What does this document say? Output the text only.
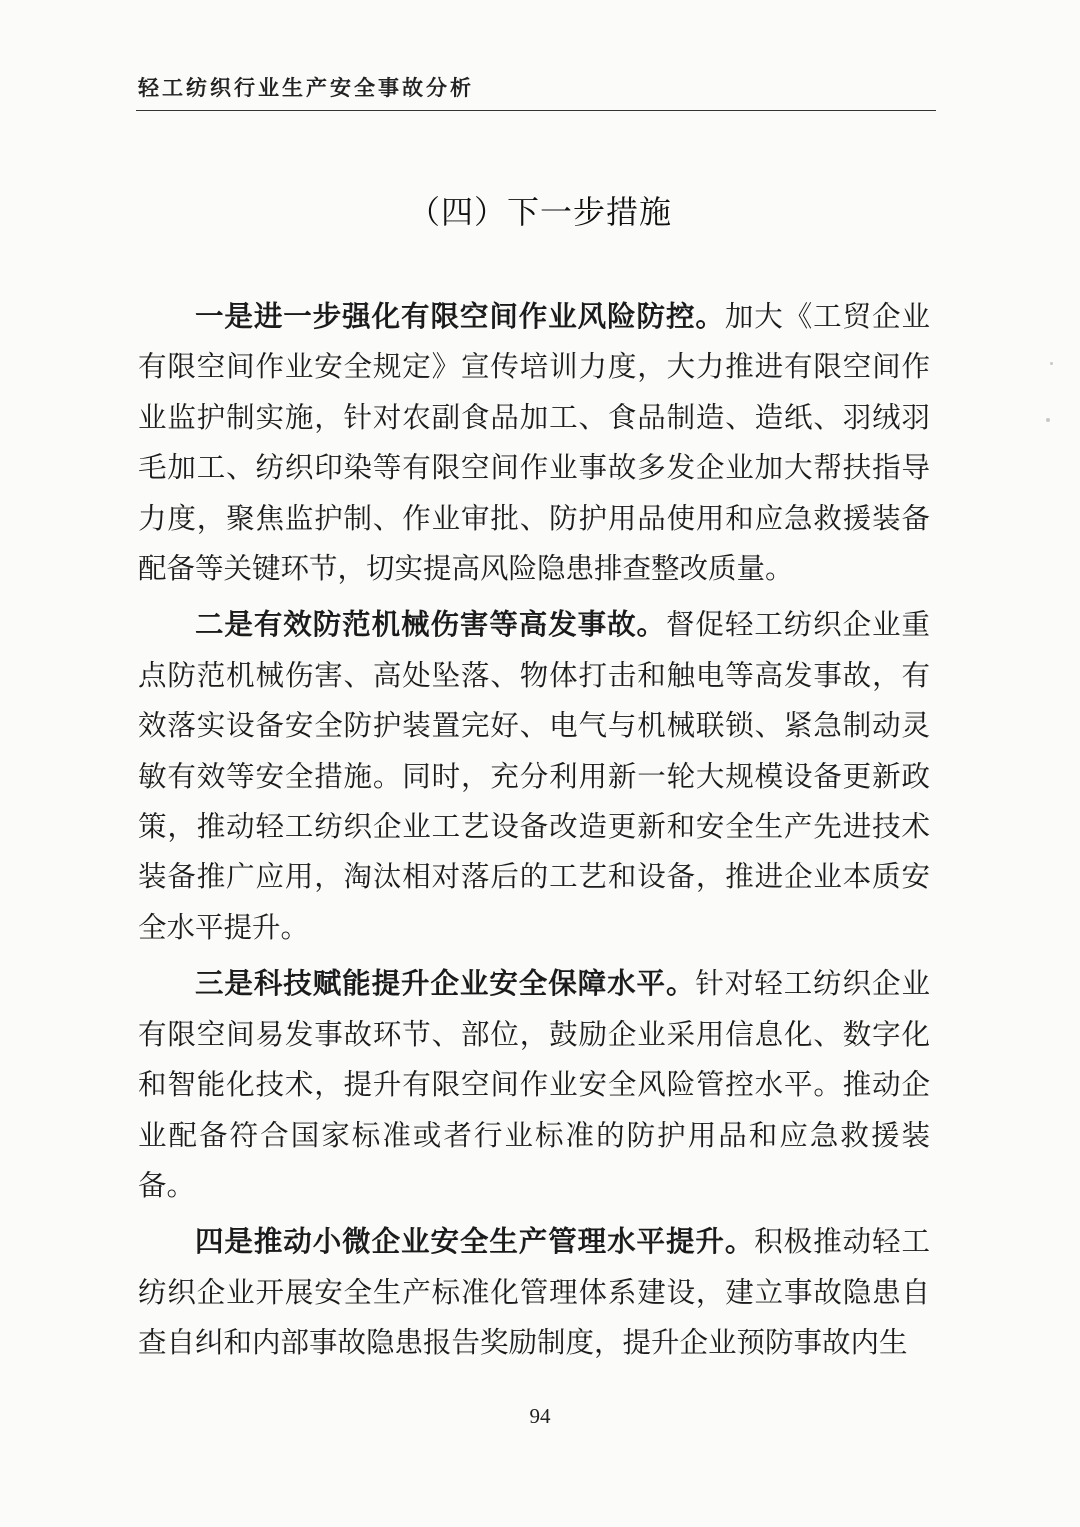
轻工纺织行业生产安全事故分析
（四）下一步措施

一是进一步强化有限空间作业风险防控。加大《工贸企业有限空间作业安全规定》宣传培训力度，大力推进有限空间作业监护制实施，针对农副食品加工、食品制造、造纸、羽绒羽毛加工、纺织印染等有限空间作业事故多发企业加大帮扶指导力度，聚焦监护制、作业审批、防护用品使用和应急救援装备配备等关键环节，切实提高风险隐患排查整改质量。

二是有效防范机械伤害等高发事故。督促轻工纺织企业重点防范机械伤害、高处坠落、物体打击和触电等高发事故，有效落实设备安全防护装置完好、电气与机械联锁、紧急制动灵敏有效等安全措施。同时，充分利用新一轮大规模设备更新政策，推动轻工纺织企业工艺设备改造更新和安全生产先进技术装备推广应用，淘汰相对落后的工艺和设备，推进企业本质安全水平提升。

三是科技赋能提升企业安全保障水平。针对轻工纺织企业有限空间易发事故环节、部位，鼓励企业采用信息化、数字化和智能化技术，提升有限空间作业安全风险管控水平。推动企业配备符合国家标准或者行业标准的防护用品和应急救援装备。

四是推动小微企业安全生产管理水平提升。积极推动轻工纺织企业开展安全生产标准化管理体系建设，建立事故隐患自查自纠和内部事故隐患报告奖励制度，提升企业预防事故内生

94
